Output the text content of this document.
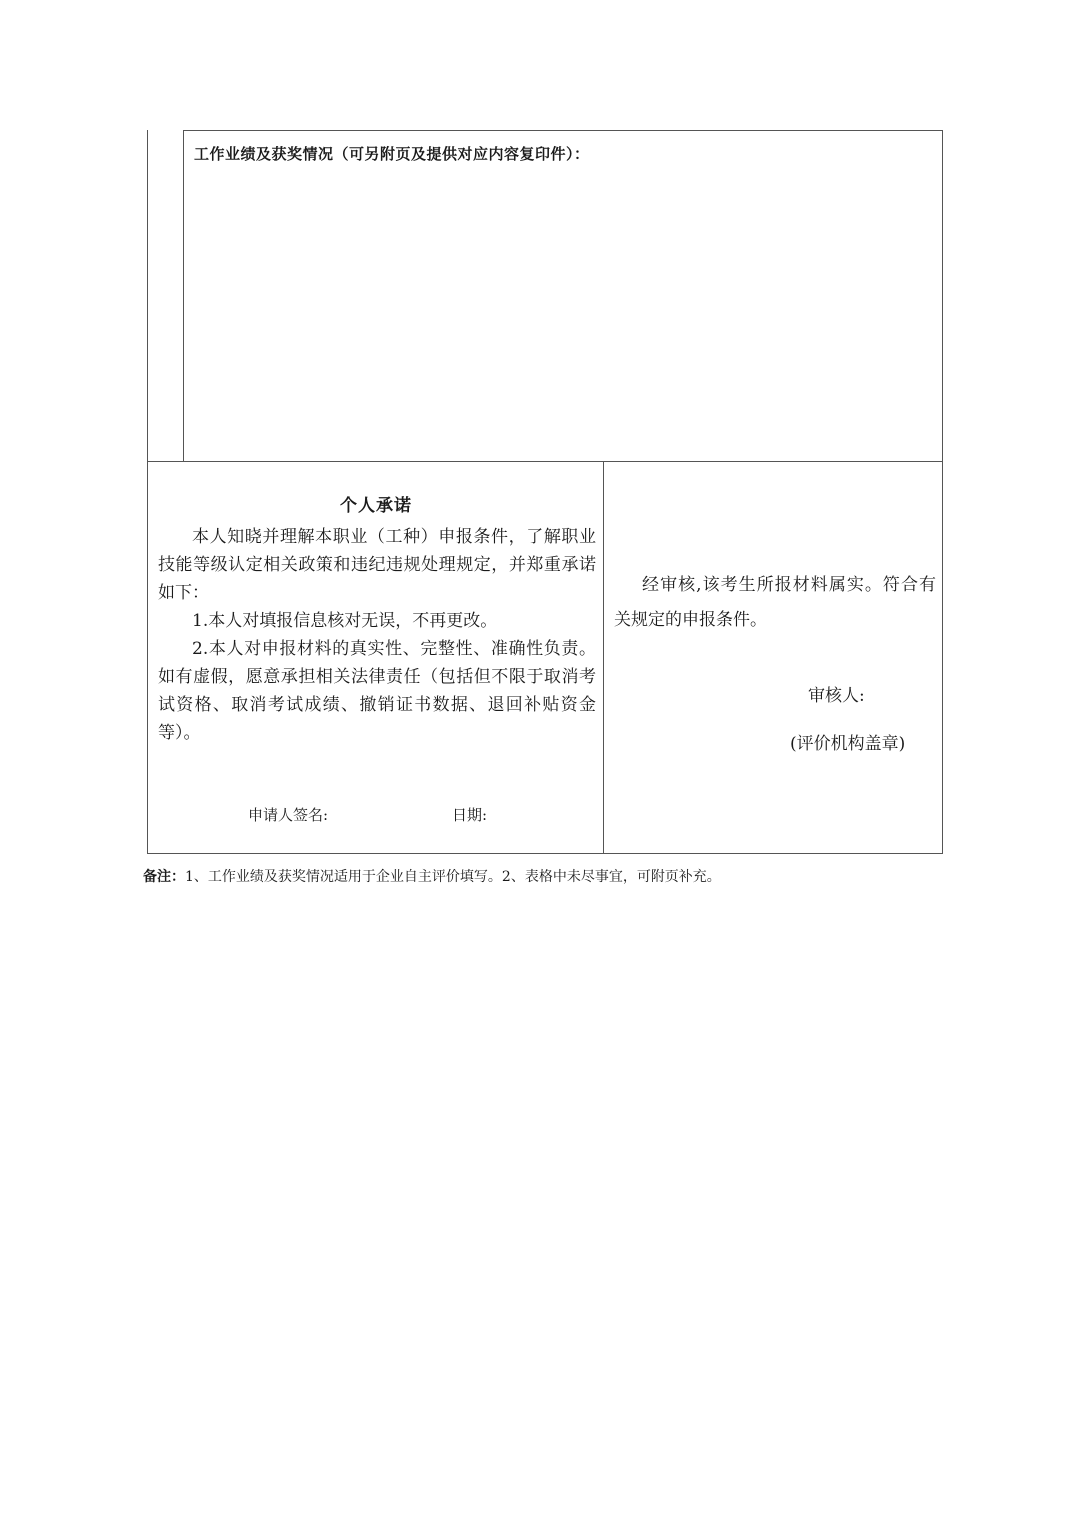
工作业绩及获奖情况（可另附页及提供对应内容复印件）：
个人承诺

本人知晓并理解本职业（工种）申报条件，了解职业技能等级认定相关政策和违纪违规处理规定，并郑重承诺如下：

1.本人对填报信息核对无误，不再更改。

2.本人对申报材料的真实性、完整性、准确性负责。如有虚假，愿意承担相关法律责任（包括但不限于取消考试资格、取消考试成绩、撤销证书数据、退回补贴资金等）。

申请人签名:	日期:
经审核,该考生所报材料属实。符合有关规定的申报条件。
审核人:
(评价机构盖章)
备注：1、工作业绩及获奖情况适用于企业自主评价填写。2、表格中未尽事宜，可附页补充。
